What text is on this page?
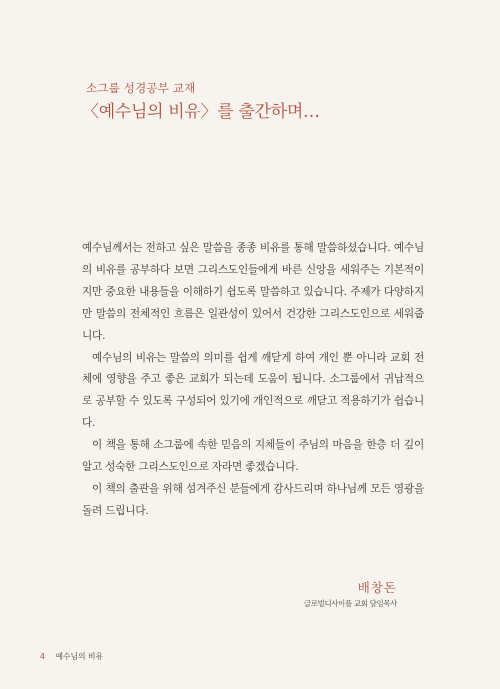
소그룹 성경공부 교재
〈예수님의 비유〉를 출간하며…

예수님께서는 전하고 싶은 말씀을 종종 비유를 통해 말씀하셨습니다. 예수님의 비유를 공부하다 보면 그리스도인들에게 바른 신앙을 세워주는 기본적이지만 중요한 내용들을 이해하기 쉽도록 말씀하고 있습니다. 주제가 다양하지만 말씀의 전체적인 흐름은 일관성이 있어서 건강한 그리스도인으로 세워줍니다.

예수님의 비유는 말씀의 의미를 쉽게 깨닫게 하여 개인 뿐 아니라 교회 전체에 영향을 주고 좋은 교회가 되는데 도움이 됩니다. 소그룹에서 귀납적으로 공부할 수 있도록 구성되어 있기에 개인적으로 깨닫고 적용하기가 쉽습니다.

이 책을 통해 소그룹에 속한 믿음의 지체들이 주님의 마음을 한층 더 깊이 알고 성숙한 그리스도인으로 자라면 좋겠습니다.

이 책의 출판을 위해 섬겨주신 분들에게 감사드리며 하나님께 모든 영광을 돌려 드립니다.

배창돈
글로벌디사이플 교회 담임목사
4 예수님의 비유
